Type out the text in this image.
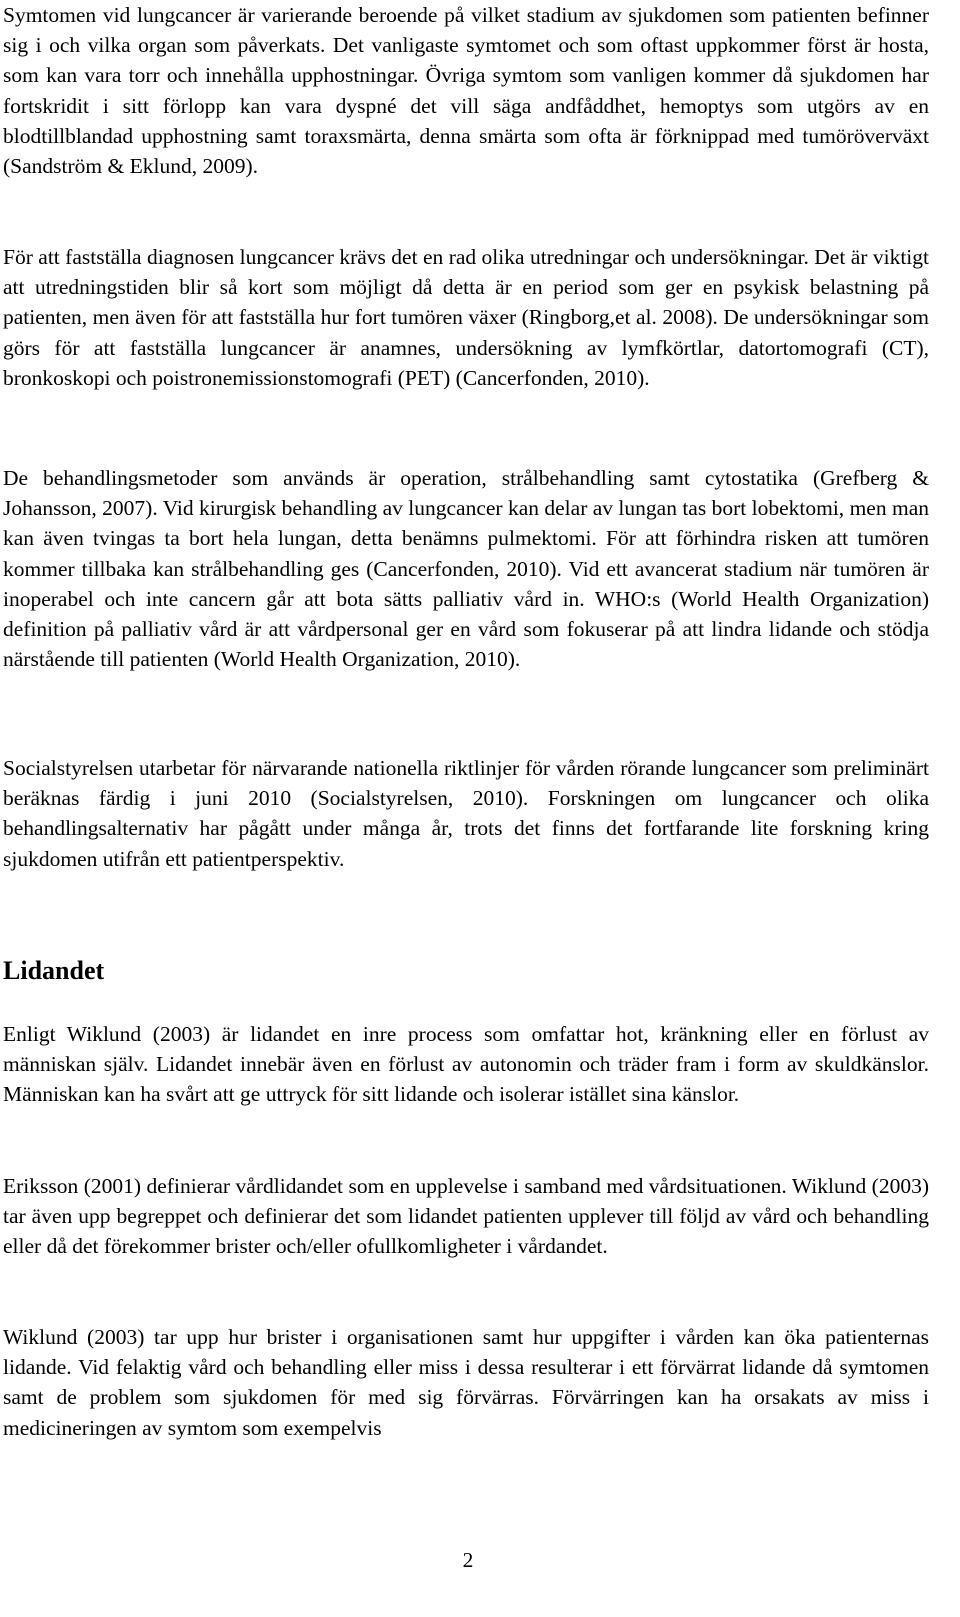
Symtomen vid lungcancer är varierande beroende på vilket stadium av sjukdomen som patienten befinner sig i och vilka organ som påverkats. Det vanligaste symtomet och som oftast uppkommer först är hosta, som kan vara torr och innehålla upphostningar. Övriga symtom som vanligen kommer då sjukdomen har fortskridit i sitt förlopp kan vara dyspné det vill säga andfåddhet, hemoptys som utgörs av en blodtillblandad upphostning samt toraxsmärta, denna smärta som ofta är förknippad med tumöröverväxt (Sandström & Eklund, 2009).

För att fastställa diagnosen lungcancer krävs det en rad olika utredningar och undersökningar. Det är viktigt att utredningstiden blir så kort som möjligt då detta är en period som ger en psykisk belastning på patienten, men även för att fastställa hur fort tumören växer (Ringborg,et al. 2008). De undersökningar som görs för att fastställa lungcancer är anamnes, undersökning av lymfkörtlar, datortomografi (CT), bronkoskopi och poistronemissionstomografi (PET) (Cancerfonden, 2010).

De behandlingsmetoder som används är operation, strålbehandling samt cytostatika (Grefberg & Johansson, 2007). Vid kirurgisk behandling av lungcancer kan delar av lungan tas bort lobektomi, men man kan även tvingas ta bort hela lungan, detta benämns pulmektomi. För att förhindra risken att tumören kommer tillbaka kan strålbehandling ges (Cancerfonden, 2010). Vid ett avancerat stadium när tumören är inoperabel och inte cancern går att bota sätts palliativ vård in. WHO:s (World Health Organization) definition på palliativ vård är att vårdpersonal ger en vård som fokuserar på att lindra lidande och stödja närstående till patienten (World Health Organization, 2010).

Socialstyrelsen utarbetar för närvarande nationella riktlinjer för vården rörande lungcancer som preliminärt beräknas färdig i juni 2010 (Socialstyrelsen, 2010). Forskningen om lungcancer och olika behandlingsalternativ har pågått under många år, trots det finns det fortfarande lite forskning kring sjukdomen utifrån ett patientperspektiv.

Lidandet

Enligt Wiklund (2003) är lidandet en inre process som omfattar hot, kränkning eller en förlust av människan själv. Lidandet innebär även en förlust av autonomin och träder fram i form av skuldkänslor. Människan kan ha svårt att ge uttryck för sitt lidande och isolerar istället sina känslor.

Eriksson (2001) definierar vårdlidandet som en upplevelse i samband med vårdsituationen. Wiklund (2003) tar även upp begreppet och definierar det som lidandet patienten upplever till följd av vård och behandling eller då det förekommer brister och/eller ofullkomligheter i vårdandet.

Wiklund (2003) tar upp hur brister i organisationen samt hur uppgifter i vården kan öka patienternas lidande. Vid felaktig vård och behandling eller miss i dessa resulterar i ett förvärrat lidande då symtomen samt de problem som sjukdomen för med sig förvärras. Förvärringen kan ha orsakats av miss i medicineringen av symtom som exempelvis

2
